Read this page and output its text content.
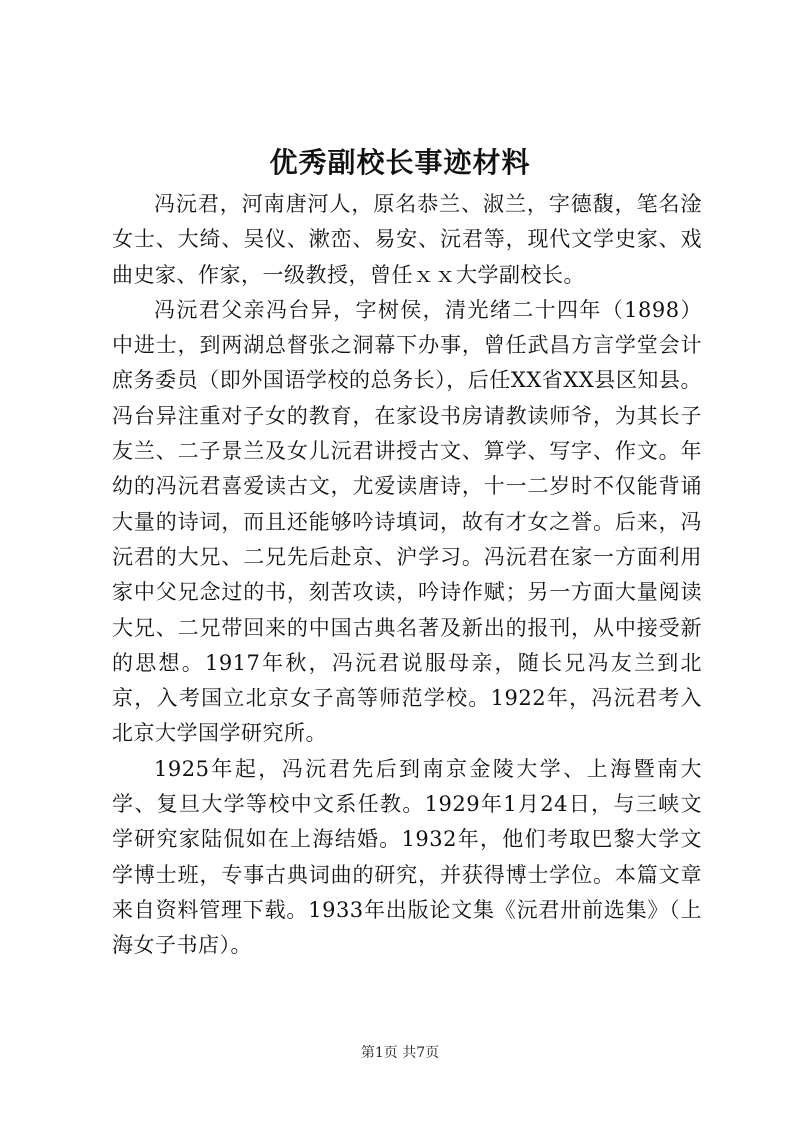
优秀副校长事迹材料

冯沅君，河南唐河人，原名恭兰、淑兰，字德馥，笔名淦女士、大绮、吴仪、漱峦、易安、沅君等，现代文学史家、戏曲史家、作家，一级教授，曾任ｘｘ大学副校长。

冯沅君父亲冯台异，字树侯，清光绪二十四年（1898）中进士，到两湖总督张之洞幕下办事，曾任武昌方言学堂会计庶务委员（即外国语学校的总务长），后任XX省XX县区知县。冯台异注重对子女的教育，在家设书房请教读师爷，为其长子友兰、二子景兰及女儿沅君讲授古文、算学、写字、作文。年幼的冯沅君喜爱读古文，尤爱读唐诗，十一二岁时不仅能背诵大量的诗词，而且还能够吟诗填词，故有才女之誉。后来，冯沅君的大兄、二兄先后赴京、沪学习。冯沅君在家一方面利用家中父兄念过的书，刻苦攻读，吟诗作赋；另一方面大量阅读大兄、二兄带回来的中国古典名著及新出的报刊，从中接受新的思想。1917年秋，冯沅君说服母亲，随长兄冯友兰到北京，入考国立北京女子高等师范学校。1922年，冯沅君考入北京大学国学研究所。

1925年起，冯沅君先后到南京金陵大学、上海暨南大学、复旦大学等校中文系任教。1929年1月24日，与三峡文学研究家陆侃如在上海结婚。1932年，他们考取巴黎大学文学博士班，专事古典词曲的研究，并获得博士学位。本篇文章来自资料管理下载。1933年出版论文集《沅君卅前选集》（上海女子书店）。

第1页 共7页
